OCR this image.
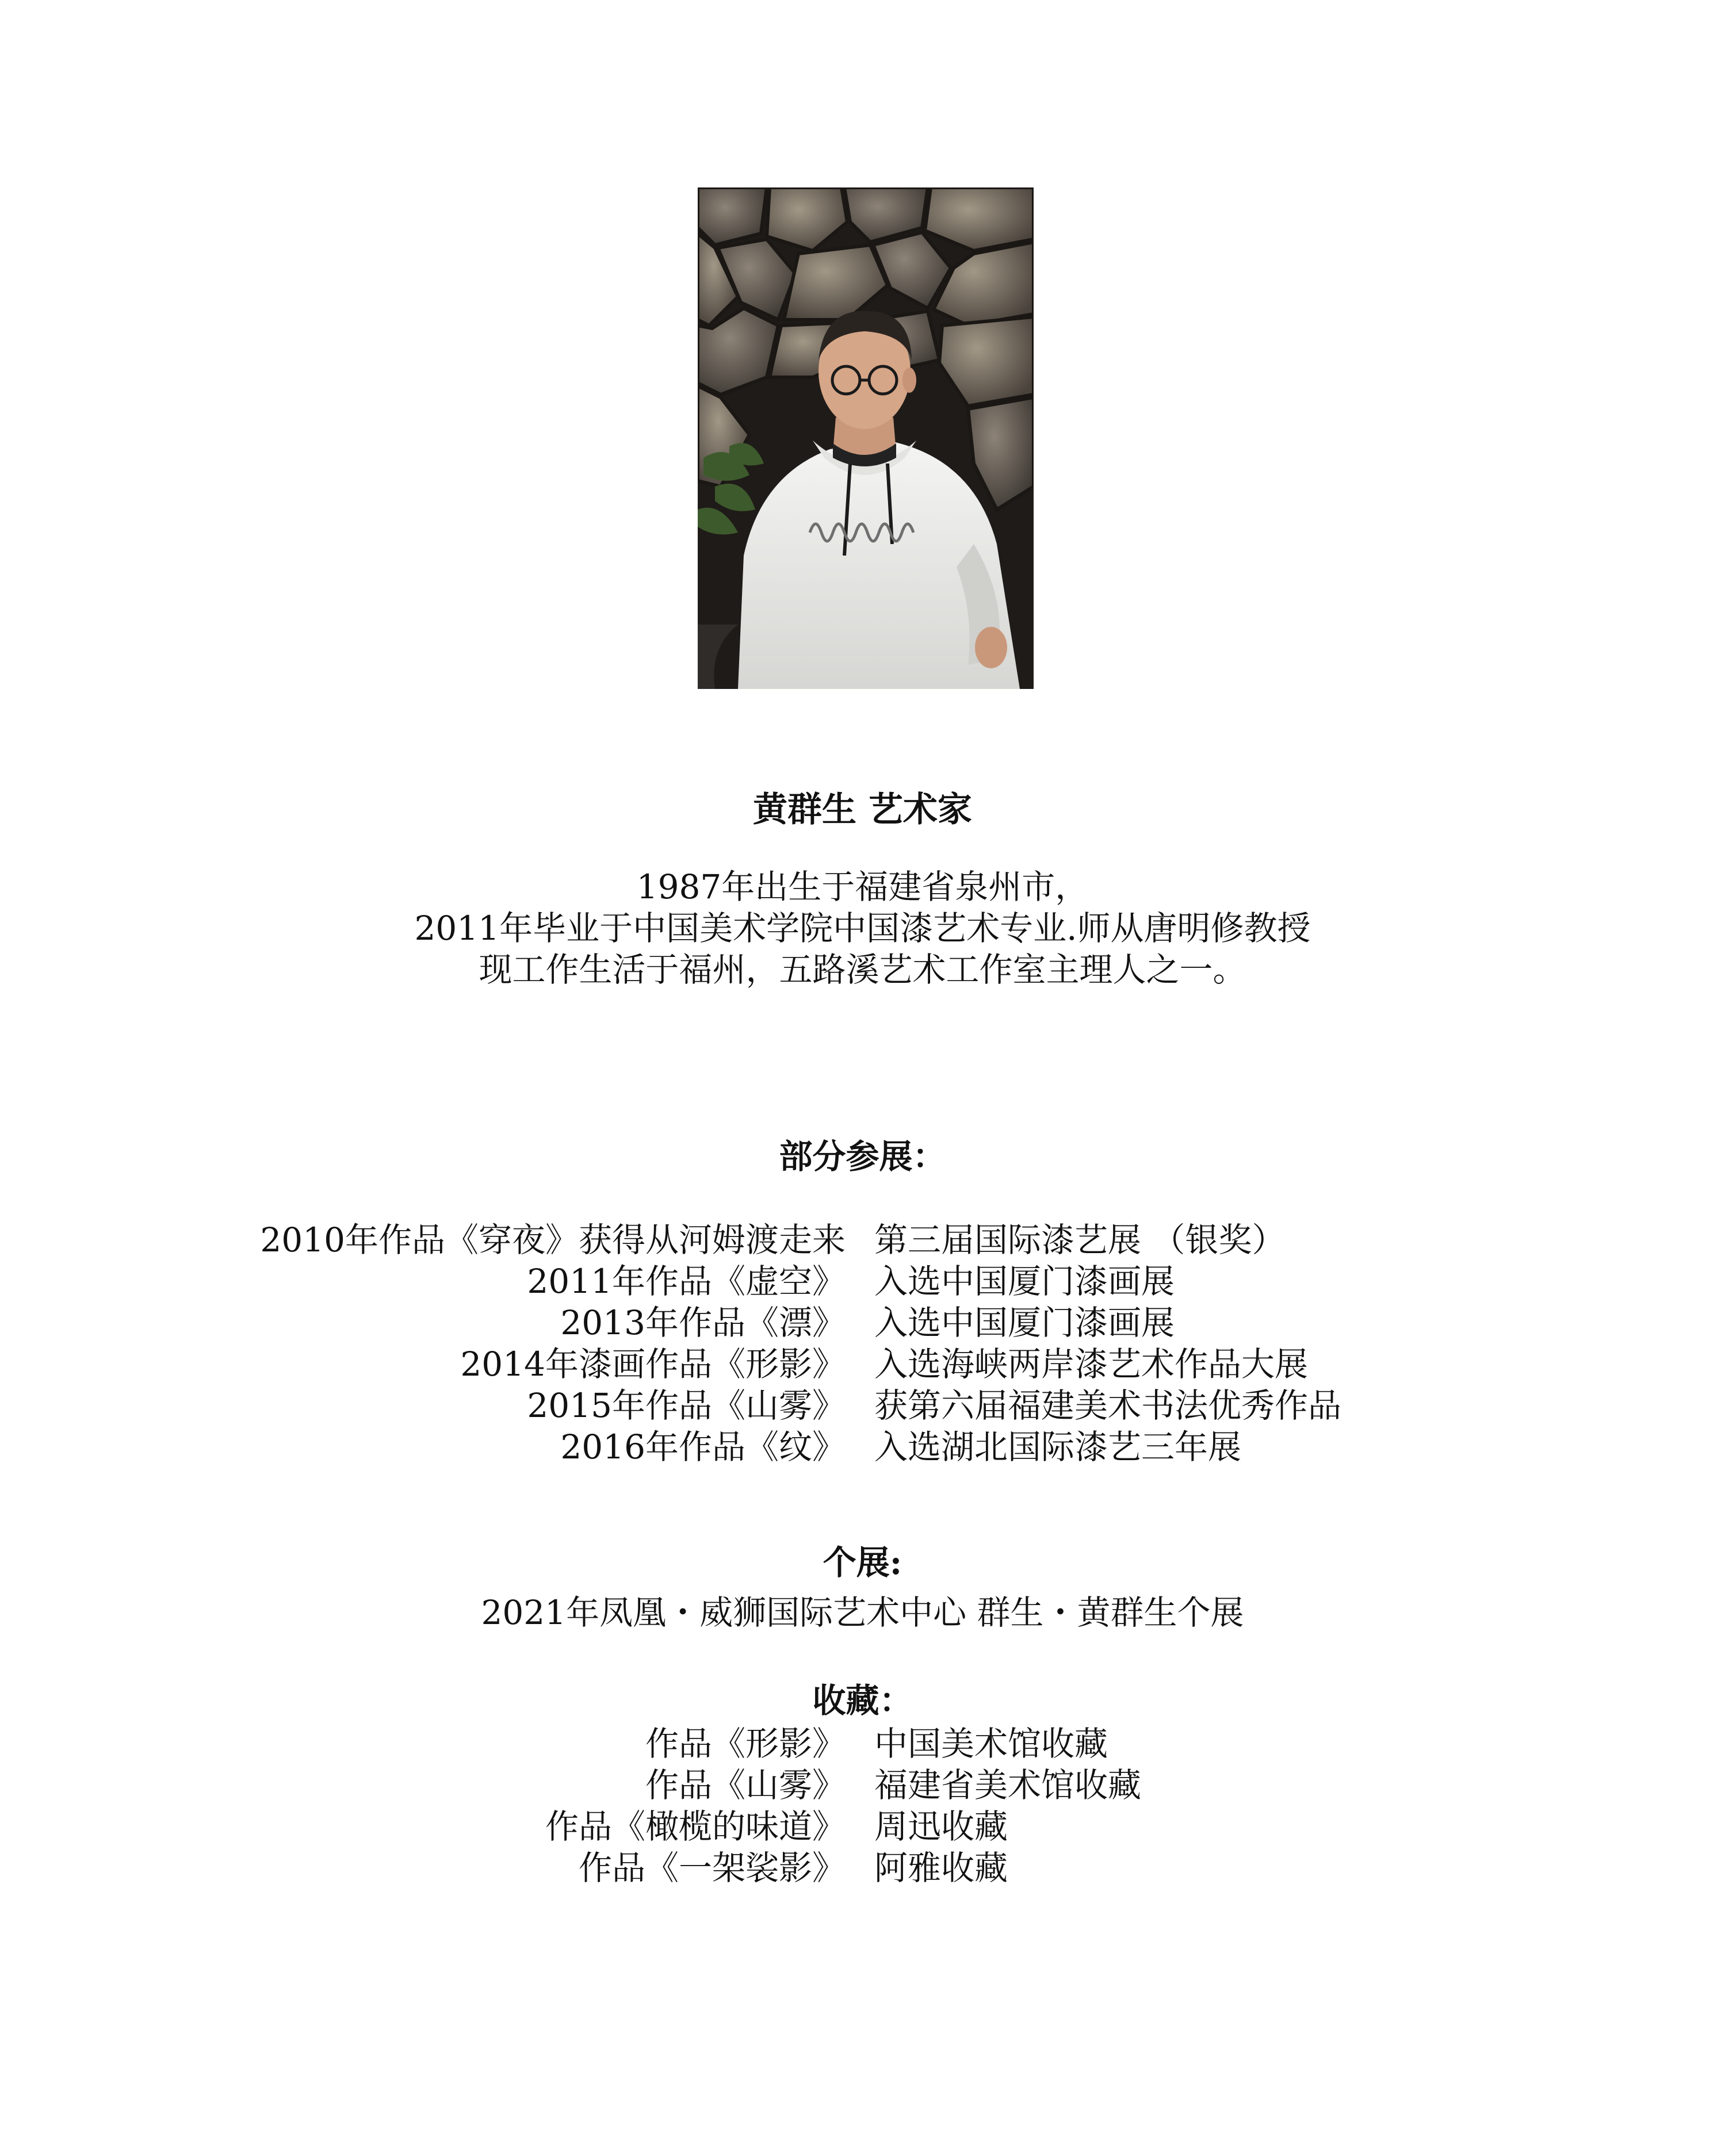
黄群生 艺术家
1987年出生于福建省泉州市，
2011年毕业于中国美术学院中国漆艺术专业.师从唐明修教授
现工作生活于福州，五路溪艺术工作室主理人之一。
部分参展：
2010年作品《穿夜》获得从河姆渡走来 第三届国际漆艺展 （银奖）
2011年作品《虚空》 入选中国厦门漆画展
2013年作品《漂》 入选中国厦门漆画展
2014年漆画作品《形影》 入选海峡两岸漆艺术作品大展
2015年作品《山雾》 获第六届福建美术书法优秀作品
2016年作品《纹》 入选湖北国际漆艺三年展
个展:
2021年凤凰・威狮国际艺术中心 群生・黄群生个展
收藏：
作品《形影》 中国美术馆收藏
作品《山雾》 福建省美术馆收藏
作品《橄榄的味道》 周迅收藏
作品《一架裟影》 阿雅收藏
